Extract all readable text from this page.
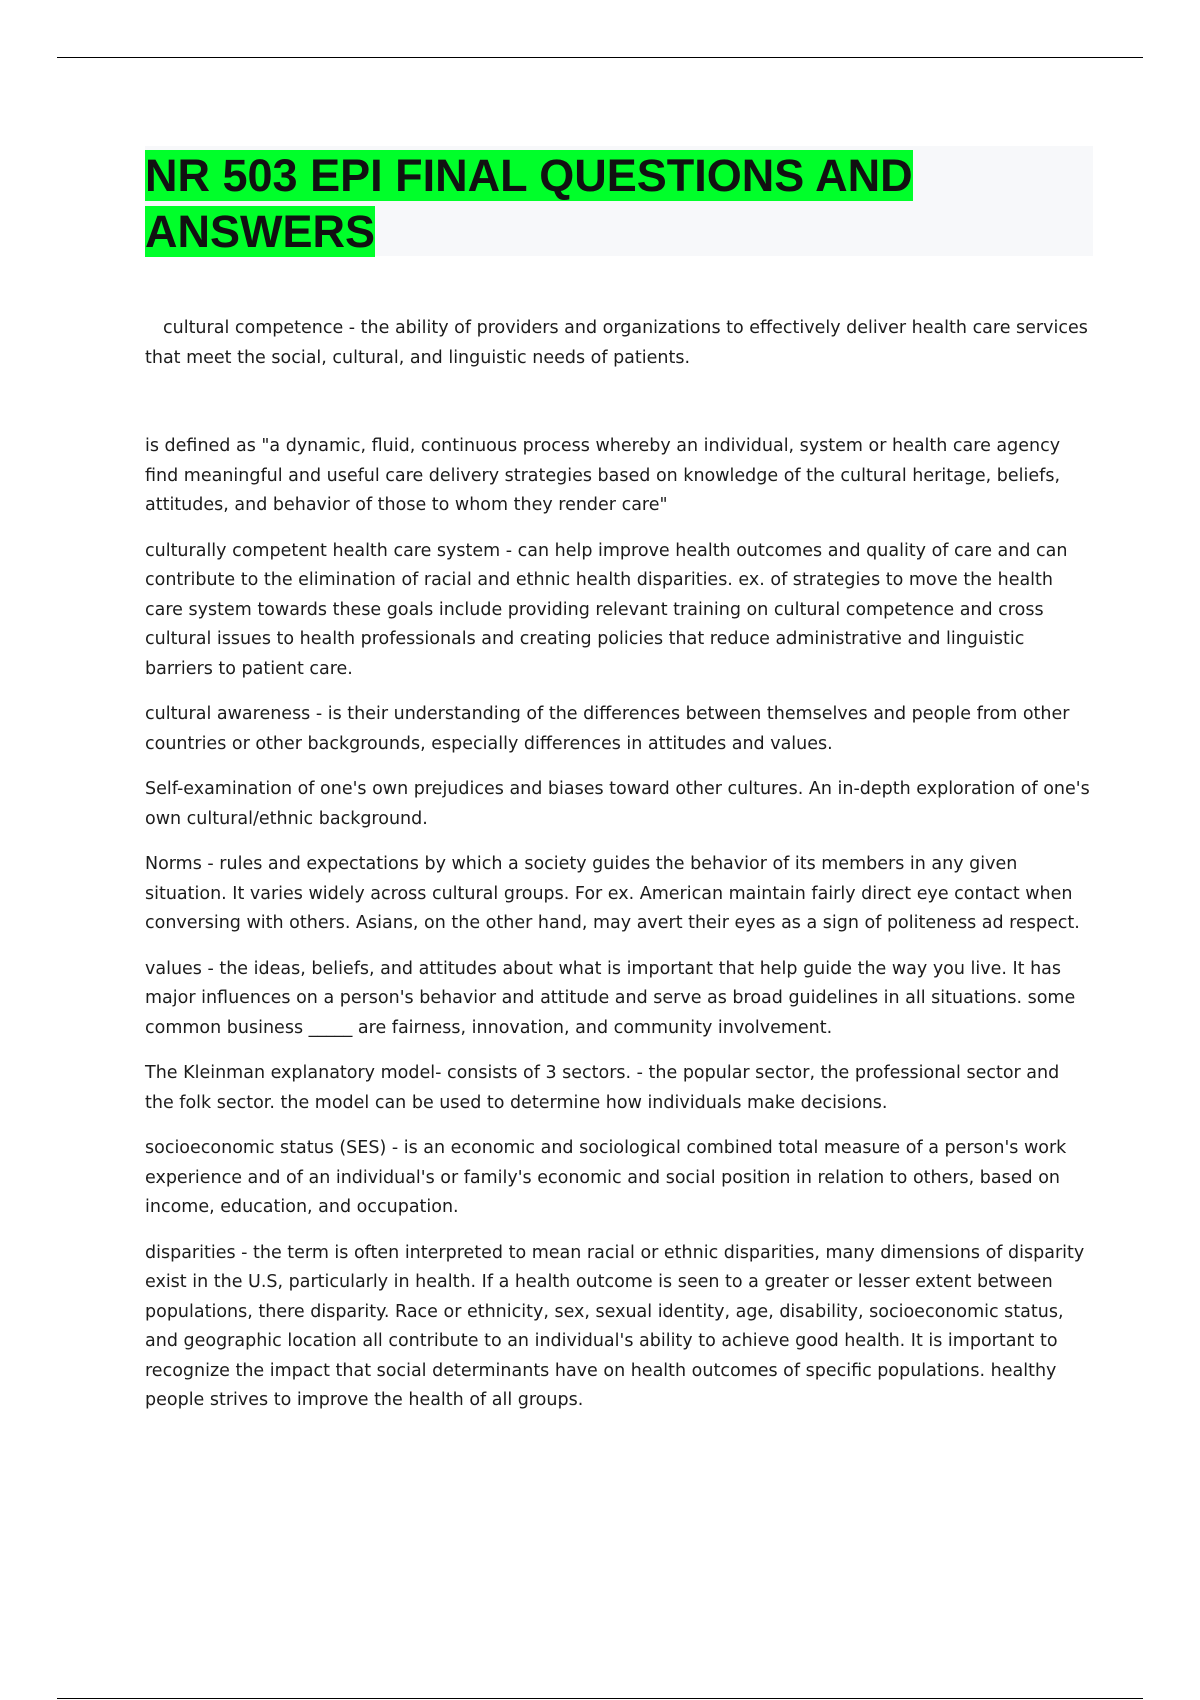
NR 503 EPI FINAL QUESTIONS AND ANSWERS

cultural competence - the ability of providers and organizations to effectively deliver health care services that meet the social, cultural, and linguistic needs of patients.

is defined as "a dynamic, fluid, continuous process whereby an individual, system or health care agency find meaningful and useful care delivery strategies based on knowledge of the cultural heritage, beliefs, attitudes, and behavior of those to whom they render care"

culturally competent health care system - can help improve health outcomes and quality of care and can contribute to the elimination of racial and ethnic health disparities. ex. of strategies to move the health care system towards these goals include providing relevant training on cultural competence and cross cultural issues to health professionals and creating policies that reduce administrative and linguistic barriers to patient care.

cultural awareness - is their understanding of the differences between themselves and people from other countries or other backgrounds, especially differences in attitudes and values.

Self-examination of one's own prejudices and biases toward other cultures. An in-depth exploration of one's own cultural/ethnic background.

Norms - rules and expectations by which a society guides the behavior of its members in any given situation. It varies widely across cultural groups. For ex. American maintain fairly direct eye contact when conversing with others. Asians, on the other hand, may avert their eyes as a sign of politeness ad respect.

values - the ideas, beliefs, and attitudes about what is important that help guide the way you live. It has major influences on a person's behavior and attitude and serve as broad guidelines in all situations. some common business _____ are fairness, innovation, and community involvement.

The Kleinman explanatory model- consists of 3 sectors. - the popular sector, the professional sector and the folk sector. the model can be used to determine how individuals make decisions.

socioeconomic status (SES) - is an economic and sociological combined total measure of a person's work experience and of an individual's or family's economic and social position in relation to others, based on income, education, and occupation.

disparities - the term is often interpreted to mean racial or ethnic disparities, many dimensions of disparity exist in the U.S, particularly in health. If a health outcome is seen to a greater or lesser extent between populations, there disparity. Race or ethnicity, sex, sexual identity, age, disability, socioeconomic status, and geographic location all contribute to an individual's ability to achieve good health. It is important to recognize the impact that social determinants have on health outcomes of specific populations. healthy people strives to improve the health of all groups.
